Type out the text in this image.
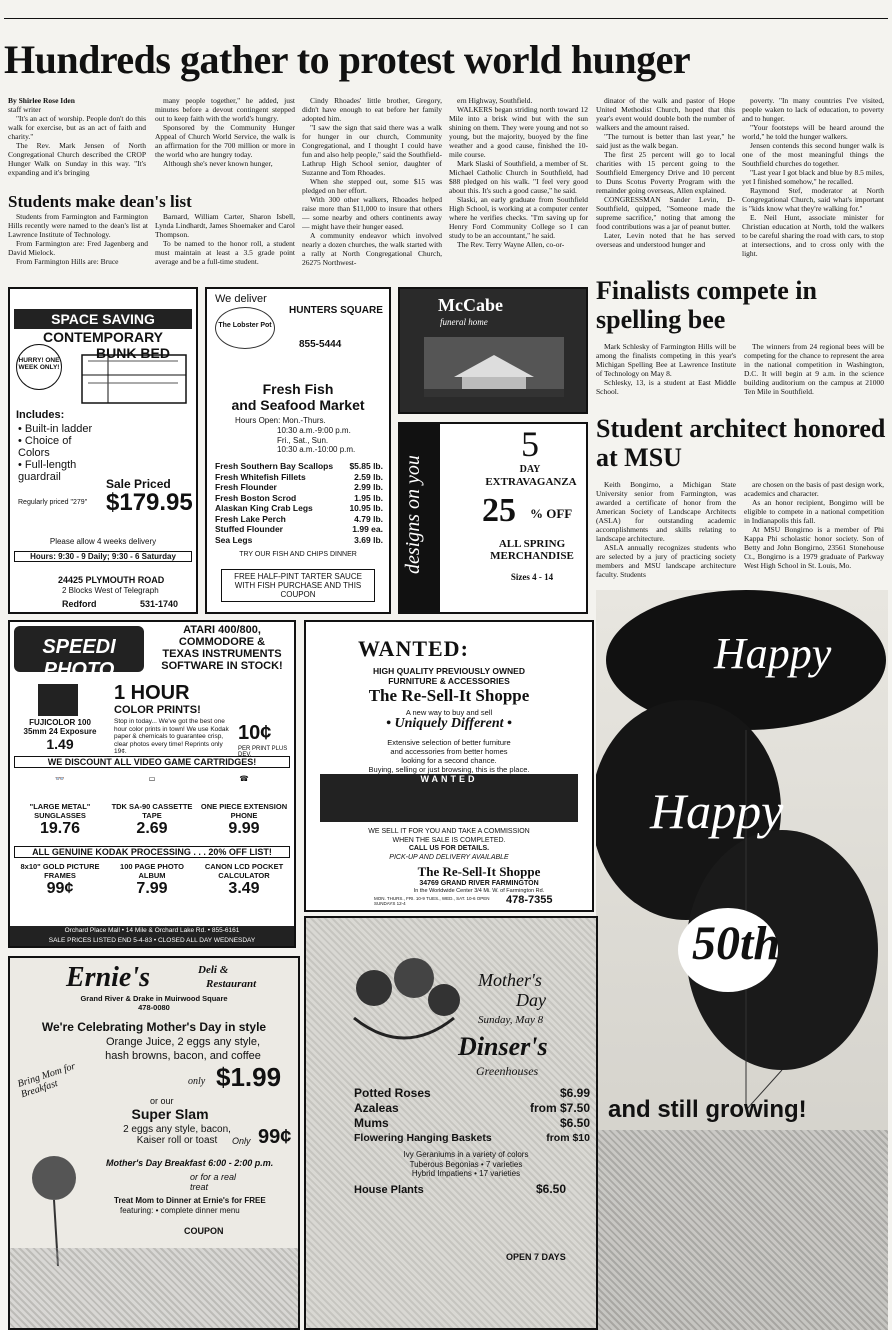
Hundreds gather to protest world hunger
By Shirlee Rose Iden
staff writer

"It's an act of worship. People don't do this walk for exercise, but as an act of faith and charity."

The Rev. Mark Jensen of North Congregational Church described the CROP Hunger Walk on Sunday in this way. "It's expanding and it's bringing

many people together," he added, just minutes before a devout contingent stepped out to keep faith with the world's hungry.

Sponsored by the Community Hunger Appeal of Church World Service, the walk is an affirmation for the 700 million or more in the world who are hungry today.

Although she's never known hunger,

Cindy Rhoades' little brother, Gregory, didn't have enough to eat before her family adopted him.

"I saw the sign that said there was a walk for hunger in our church, Community Congregational, and I thought I could have fun and also help people," said the Southfield-Lathrup High School senior, daughter of Suzanne and Tom Rhoades.

When she stepped out, some $15 was pledged on her effort.

With 300 other walkers, Rhoades helped raise more than $11,000 to insure that others — some nearby and others continents away — might have their hunger eased.

A community endeavor which involved nearly a dozen churches, the walk started with a rally at North Congregational Church, 26275 Northwest-

ern Highway, Southfield.

WALKERS began striding north toward 12 Mile into a brisk wind but with the sun shining on them. They were young and not so young, but the majority, buoyed by the fine weather and a good cause, finished the 10-mile course.

Mark Slaski of Southfield, a member of St. Michael Catholic Church in Southfield, had $88 pledged on his walk. "I feel very good about this. It's such a good cause," he said.

Slaski, an early graduate from Southfield High School, is working at a computer center where he verifies checks. "I'm saving up for Henry Ford Community College so I can study to be an accountant," he said.

The Rev. Terry Wayne Allen, co-or-

dinator of the walk and pastor of Hope United Methodist Church, hoped that this year's event would double both the number of walkers and the amount raised.

"The turnout is better than last year," he said just as the walk began.

The first 25 percent will go to local charities with 15 percent going to the Southfield Emergency Drive and 10 percent to Duns Scotus Poverty Program with the remainder going overseas, Allen explained.

CONGRESSMAN Sander Levin, D-Southfield, quipped, "Someone made the supreme sacrifice," noting that among the food contributions was a jar of peanut butter.

Later, Levin noted that he has served overseas and understood hunger and

poverty. "In many countries I've visited, people waken to lack of education, to poverty and to hunger.

"Your footsteps will be heard around the world," he told the hunger walkers.

Jensen contends this second hunger walk is one of the most meaningful things the Southfield churches do together.

"Last year I got black and blue by 8.5 miles, yet I finished somehow," he recalled.

Raymond Stef, moderator at North Congregational Church, said what's important is "kids know what they're walking for."

E. Neil Hunt, associate minister for Christian education at North, told the walkers to be careful sharing the road with cars, to stop at intersections, and to cross only with the light.

Students make dean's list

Students from Farmington and Farmington Hills recently were named to the dean's list at Lawrence Institute of Technology.

From Farmington are: Fred Jagenberg and David Mielock.

From Farmington Hills are: Bruce

Barnard, William Carter, Sharon Isbell, Lynda Lindhardt, James Shoemaker and Carol Thompson.

To be named to the honor roll, a student must maintain at least a 3.5 grade point average and be a full-time student.

SPACE SAVING
CONTEMPORARY
BUNK BED
HURRY! ONE WEEK ONLY!
Includes:
• Built-in ladder
• Choice of Colors
• Full-length guardrail	Sale Priced
$179.95
Regularly priced "279"
Please allow 4 weeks delivery
Hours: 9:30 - 9 Daily; 9:30 - 6 Saturday
24425 PLYMOUTH ROAD
2 Blocks West of Telegraph
Redford	531-1740
We deliver
The Lobster Pot
HUNTERS SQUARE
855-5444
Fresh Fish
and Seafood Market
Hours Open: Mon.-Thurs.
10:30 a.m.-9:00 p.m.
Fri., Sat., Sun.
10:30 a.m.-10:00 p.m.
Fresh Southern Bay Scallops $5.85 lb.
Fresh Whitefish Fillets	2.59 lb.
Fresh Flounder	2.99 lb.
Fresh Boston Scrod	1.95 lb.
Alaskan King Crab Legs	10.95 lb.
Fresh Lake Perch	4.79 lb.
Stuffed Flounder	1.99 ea.
Sea Legs	3.69 lb.
TRY OUR FISH AND CHIPS DINNER
FREE HALF-PINT TARTER SAUCE WITH FISH PURCHASE AND THIS COUPON
McCabe
funeral home
designs on you
5
DAY
EXTRAVAGANZA
25 % OFF
ALL SPRING
MERCHANDISE
Sizes 4 - 14
Finalists compete in spelling bee

Mark Schlesky of Farmington Hills will be among the finalists competing in this year's Michigan Spelling Bee at Lawrence Institute of Technology on May 8.

Schlesky, 13, is a student at East Middle School.

The winners from 24 regional bees will be competing for the chance to represent the area in the national competition in Washington, D.C. It will begin at 9 a.m. in the science building auditorium on the campus at 21000 Ten Mile in Southfield.

Student architect honored at MSU

Keith Bongirno, a Michigan State University senior from Farmington, was awarded a certificate of honor from the American Society of Landscape Architects (ASLA) for outstanding academic accomplishments and skills relating to landscape architecture.

ASLA annually recognizes students who are selected by a jury of practicing society members and MSU landscape architecture faculty. Students

are chosen on the basis of past design work, academics and character.

As an honor recipient, Bongirno will be eligible to compete in a national competition in Indianapolis this fall.

At MSU Bongirno is a member of Phi Kappa Phi scholastic honor society. Son of Betty and John Bongirno, 23561 Stonehouse Ct., Bongirno is a 1979 graduate of Parkway West High School in St. Louis, Mo.

SPEEDI PHOTO
ATARI 400/800,
COMMODORE &
TEXAS INSTRUMENTS
SOFTWARE IN STOCK!
FUJICOLOR 100
35mm 24 Exposure
1.49
1 HOUR
COLOR PRINTS!
Stop in today... We've got the best one hour color prints in town! We use Kodak paper & chemicals to guarantee crisp, clear photos every time! Reprints only 19¢.
10¢
PER PRINT PLUS DEV.
WE DISCOUNT ALL VIDEO GAME CARTRIDGES!
👓
"LARGE METAL" SUNGLASSES
19.76
▭
TDK SA-90 CASSETTE TAPE
2.69
☎
ONE PIECE EXTENSION PHONE
9.99
ALL GENUINE KODAK PROCESSING . . . 20% OFF LIST!
8x10" GOLD PICTURE FRAMES
99¢
100 PAGE PHOTO ALBUM
7.99
CANON LCD POCKET CALCULATOR
3.49
Orchard Place Mall • 14 Mile & Orchard Lake Rd. • 855-6161
SALE PRICES LISTED END 5-4-83 • CLOSED ALL DAY WEDNESDAY
WANTED:
HIGH QUALITY PREVIOUSLY OWNED
FURNITURE & ACCESSORIES
The Re-Sell-It Shoppe
A new way to buy and sell
• Uniquely Different •
Extensive selection of better furniture
and accessories from better homes
looking for a second chance.
Buying, selling or just browsing, this is the place.
WANTED
WE SELL IT FOR YOU AND TAKE A COMMISSION
WHEN THE SALE IS COMPLETED.
CALL US FOR DETAILS.
PICK-UP AND DELIVERY AVAILABLE
The Re-Sell-It Shoppe
34769 GRAND RIVER FARMINGTON
In the Worldwide Center 3/4 Mi. W. of Farmington Rd.
MON. THURS., FRI. 10-9 TUES., WED., SAT. 10-6 OPEN SUNDAYS 12-4	478-7355
Happy
Happy
50th
and still growing!
Ernie's	Deli &
Restaurant
Grand River & Drake in Muirwood Square
478-0080
We're Celebrating Mother's Day in style
Orange Juice, 2 eggs any style,
hash browns, bacon, and coffee
Bring Mom for Breakfast	only $1.99
or our
Super Slam
2 eggs any style, bacon,
Kaiser roll or toast	Only 99¢
Mother's Day Breakfast 6:00 - 2:00 p.m.
or for a real treat
Treat Mom to Dinner at Ernie's for FREE
featuring: • complete dinner menu
COUPON
Mother's
Day
Sunday, May 8
Dinser's
Greenhouses
Potted Roses	$6.99
Azaleas	from $7.50
Mums	$6.50
Flowering Hanging Baskets	from $10
Ivy Geraniums in a variety of colors
Tuberous Begonias • 7 varieties
Hybrid Impatiens • 17 varieties
House Plants	$6.50
OPEN 7 DAYS
